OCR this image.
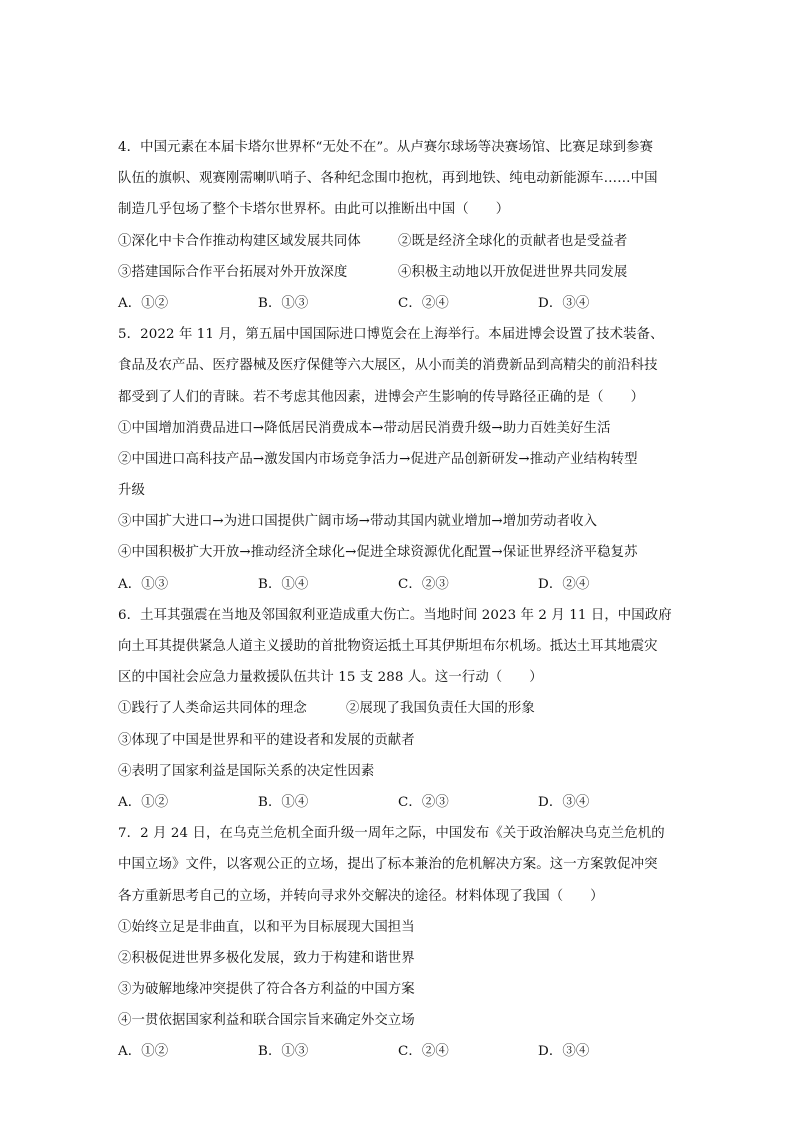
4．中国元素在本届卡塔尔世界杯“无处不在”。从卢赛尔球场等决赛场馆、比赛足球到参赛
队伍的旗帜、观赛刚需喇叭哨子、各种纪念围巾抱枕，再到地铁、纯电动新能源车……中国
制造几乎包场了整个卡塔尔世界杯。由此可以推断出中国（　　）
①深化中卡合作推动构建区域发展共同体	②既是经济全球化的贡献者也是受益者
③搭建国际合作平台拓展对外开放深度	④积极主动地以开放促进世界共同发展
A．①②	B．①③	C．②④	D．③④
5．2022 年 11 月，第五届中国国际进口博览会在上海举行。本届进博会设置了技术装备、
食品及农产品、医疗器械及医疗保健等六大展区，从小而美的消费新品到高精尖的前沿科技
都受到了人们的青睐。若不考虑其他因素，进博会产生影响的传导路径正确的是（　　）
①中国增加消费品进口→降低居民消费成本→带动居民消费升级→助力百姓美好生活
②中国进口高科技产品→激发国内市场竞争活力→促进产品创新研发→推动产业结构转型
升级
③中国扩大进口→为进口国提供广阔市场→带动其国内就业增加→增加劳动者收入
④中国积极扩大开放→推动经济全球化→促进全球资源优化配置→保证世界经济平稳复苏
A．①③	B．①④	C．②③	D．②④
6．土耳其强震在当地及邻国叙利亚造成重大伤亡。当地时间 2023 年 2 月 11 日，中国政府
向土耳其提供紧急人道主义援助的首批物资运抵土耳其伊斯坦布尔机场。抵达土耳其地震灾
区的中国社会应急力量救援队伍共计 15 支 288 人。这一行动（　　）
①践行了人类命运共同体的理念	②展现了我国负责任大国的形象
③体现了中国是世界和平的建设者和发展的贡献者
④表明了国家利益是国际关系的决定性因素
A．①②	B．①④	C．②③	D．③④
7．2 月 24 日，在乌克兰危机全面升级一周年之际，中国发布《关于政治解决乌克兰危机的
中国立场》文件，以客观公正的立场，提出了标本兼治的危机解决方案。这一方案敦促冲突
各方重新思考自己的立场，并转向寻求外交解决的途径。材料体现了我国（　　）
①始终立足是非曲直，以和平为目标展现大国担当
②积极促进世界多极化发展，致力于构建和谐世界
③为破解地缘冲突提供了符合各方利益的中国方案
④一贯依据国家利益和联合国宗旨来确定外交立场
A．①②	B．①③	C．②④	D．③④
